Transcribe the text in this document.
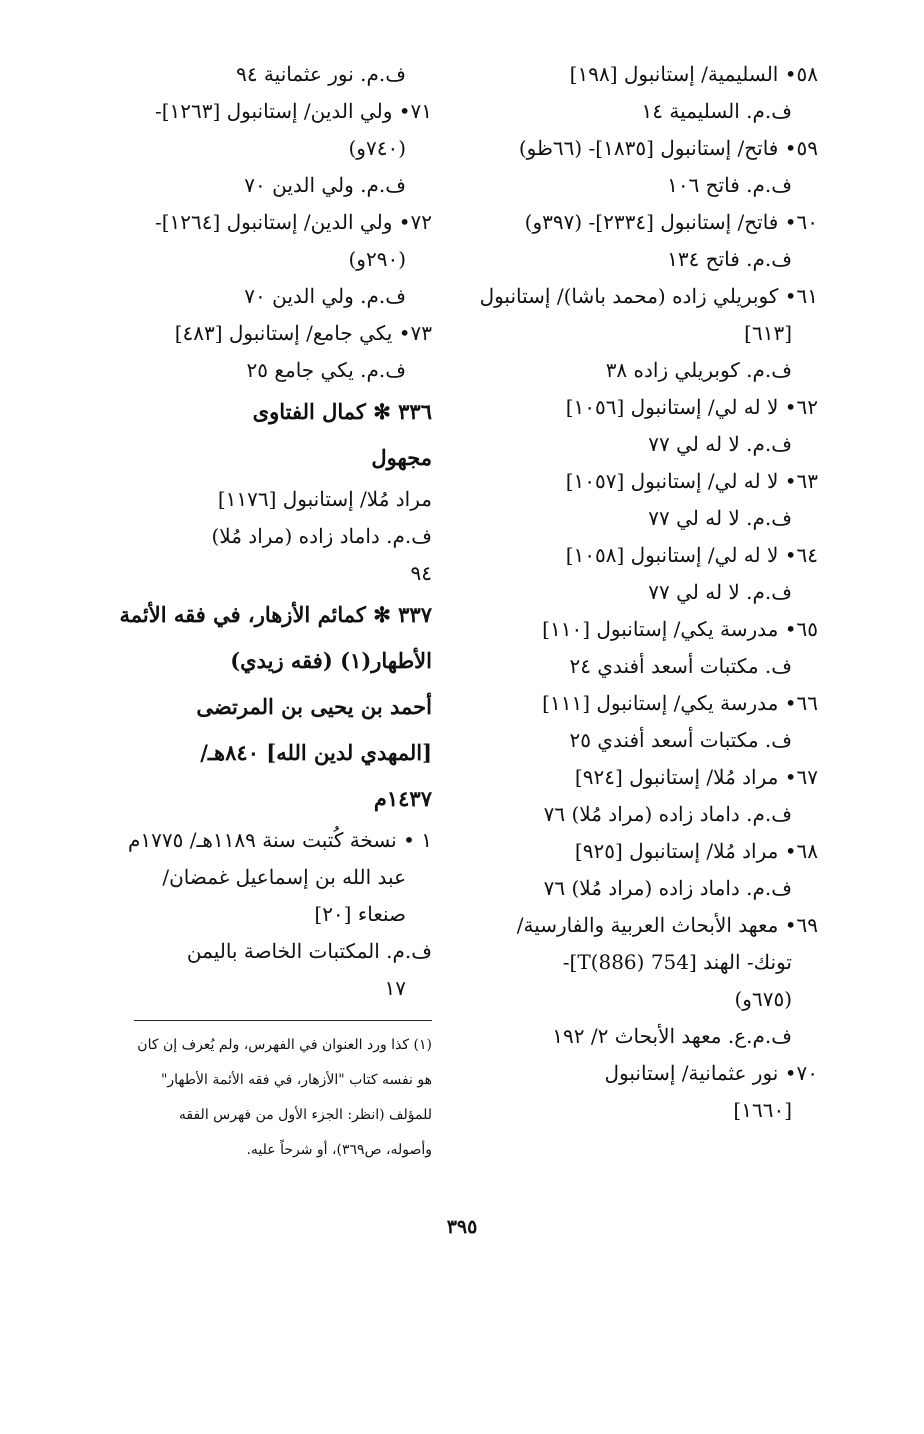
٥٨• السليمية/ إستانبول [١٩٨]
ف.م. السليمية ١٤
٥٩• فاتح/ إستانبول [١٨٣٥]- (٦٦ظو)
ف.م. فاتح ١٠٦
٦٠• فاتح/ إستانبول [٢٣٣٤]- (٣٩٧و)
ف.م. فاتح ١٣٤
٦١• كوبريلي زاده (محمد باشا)/ إستانبول
[٦١٣]
ف.م. كوبريلي زاده ٣٨
٦٢• لا له لي/ إستانبول [١٠٥٦]
ف.م. لا له لي ٧٧
٦٣• لا له لي/ إستانبول [١٠٥٧]
ف.م. لا له لي ٧٧
٦٤• لا له لي/ إستانبول [١٠٥٨]
ف.م. لا له لي ٧٧
٦٥• مدرسة يكي/ إستانبول [١١٠]
ف. مكتبات أسعد أفندي ٢٤
٦٦• مدرسة يكي/ إستانبول [١١١]
ف. مكتبات أسعد أفندي ٢٥
٦٧• مراد مُلا/ إستانبول [٩٢٤]
ف.م. داماد زاده (مراد مُلا) ٧٦
٦٨• مراد مُلا/ إستانبول [٩٢٥]
ف.م. داماد زاده (مراد مُلا) ٧٦
٦٩• معهد الأبحاث العربية والفارسية/
تونك- الهند [754 T(886)]-
(٦٧٥و)
ف.م.ع. معهد الأبحاث ٢/ ١٩٢
٧٠• نور عثمانية/ إستانبول
[١٦٦٠]
ف.م. نور عثمانية ٩٤
٧١• ولي الدين/ إستانبول [١٢٦٣]-
(٧٤٠و)
ف.م. ولي الدين ٧٠
٧٢• ولي الدين/ إستانبول [١٢٦٤]-
(٢٩٠و)
ف.م. ولي الدين ٧٠
٧٣• يكي جامع/ إستانبول [٤٨٣]
ف.م. يكي جامع ٢٥
٣٣٦ ✻ كمال الفتاوى
مجهول
مراد مُلا/ إستانبول [١١٧٦]
ف.م. داماد زاده (مراد مُلا)
٩٤
٣٣٧ ✻ كمائم الأزهار، في فقه الأئمة
الأطهار(١) (فقه زيدي)
أحمد بن يحيى بن المرتضى
[المهدي لدين الله] ٨٤٠هـ/
١٤٣٧م
١ • نسخة كُتبت سنة ١١٨٩هـ/ ١٧٧٥م
عبد الله بن إسماعيل غمضان/
صنعاء [٢٠]
ف.م. المكتبات الخاصة باليمن
١٧
(١) كذا ورد العنوان في الفهرس، ولم يُعرف إن كان
هو نفسه كتاب "الأزهار، في فقه الأئمة الأطهار"
للمؤلف (انظر: الجزء الأول من فهرس الفقه
وأصوله، ص٣٦٩)، أو شرحاً عليه.
٣٩٥
